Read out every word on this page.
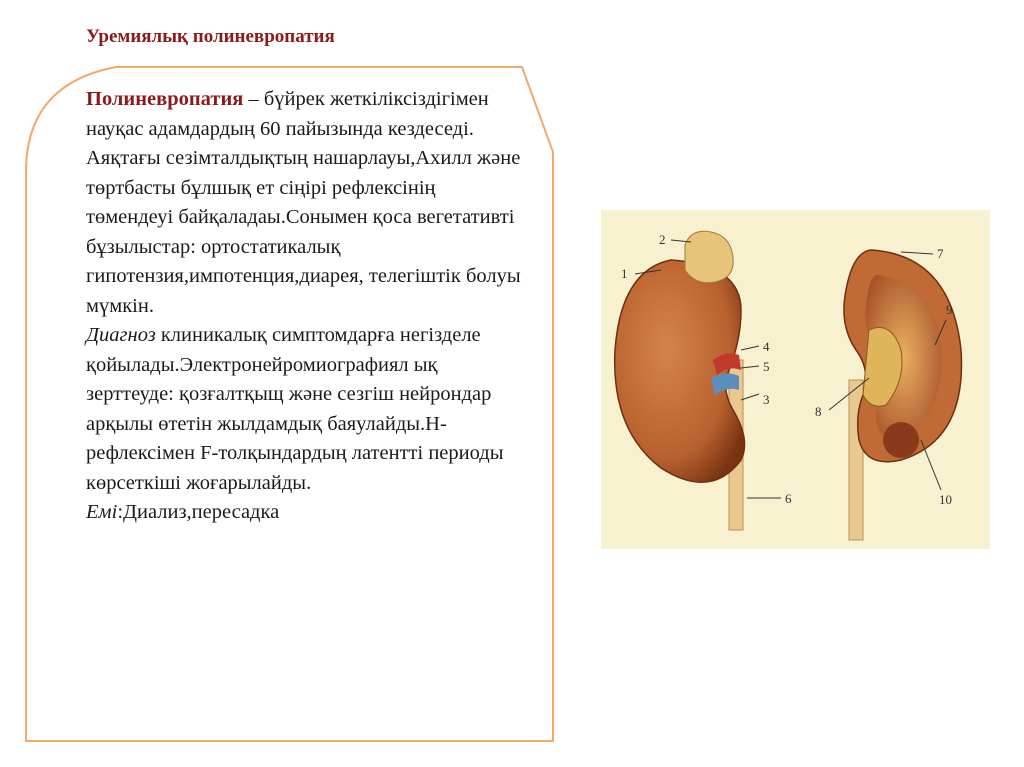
Уремиялық полиневропатия
Полиневропатия – бүйрек жеткіліксіздігімен науқас адамдардың 60 пайызында кездеседі. Аяқтағы сезімталдықтың нашарлауы,Ахилл және төртбасты бұлшық ет сіңірі рефлексінің төмендеуі байқаладаы.Сонымен қоса вегетативті бұзылыстар: ортостатикалық гипотензия,импотенция,диарея, телегіштік болуы мүмкін.
Диагноз клиникалық симптомдарға негізделе қойылады.Электронейромиографиял ық зерттеуде: қозғалтқыщ және сезгіш нейрондар арқылы өтетін жылдамдық баяулайды.Н-рефлексімен F-толқындардың латентті периоды көрсеткіші жоғарылайды.
Емі:Диализ,пересадка
1
2
3
4
5
6
7
8
9
10
